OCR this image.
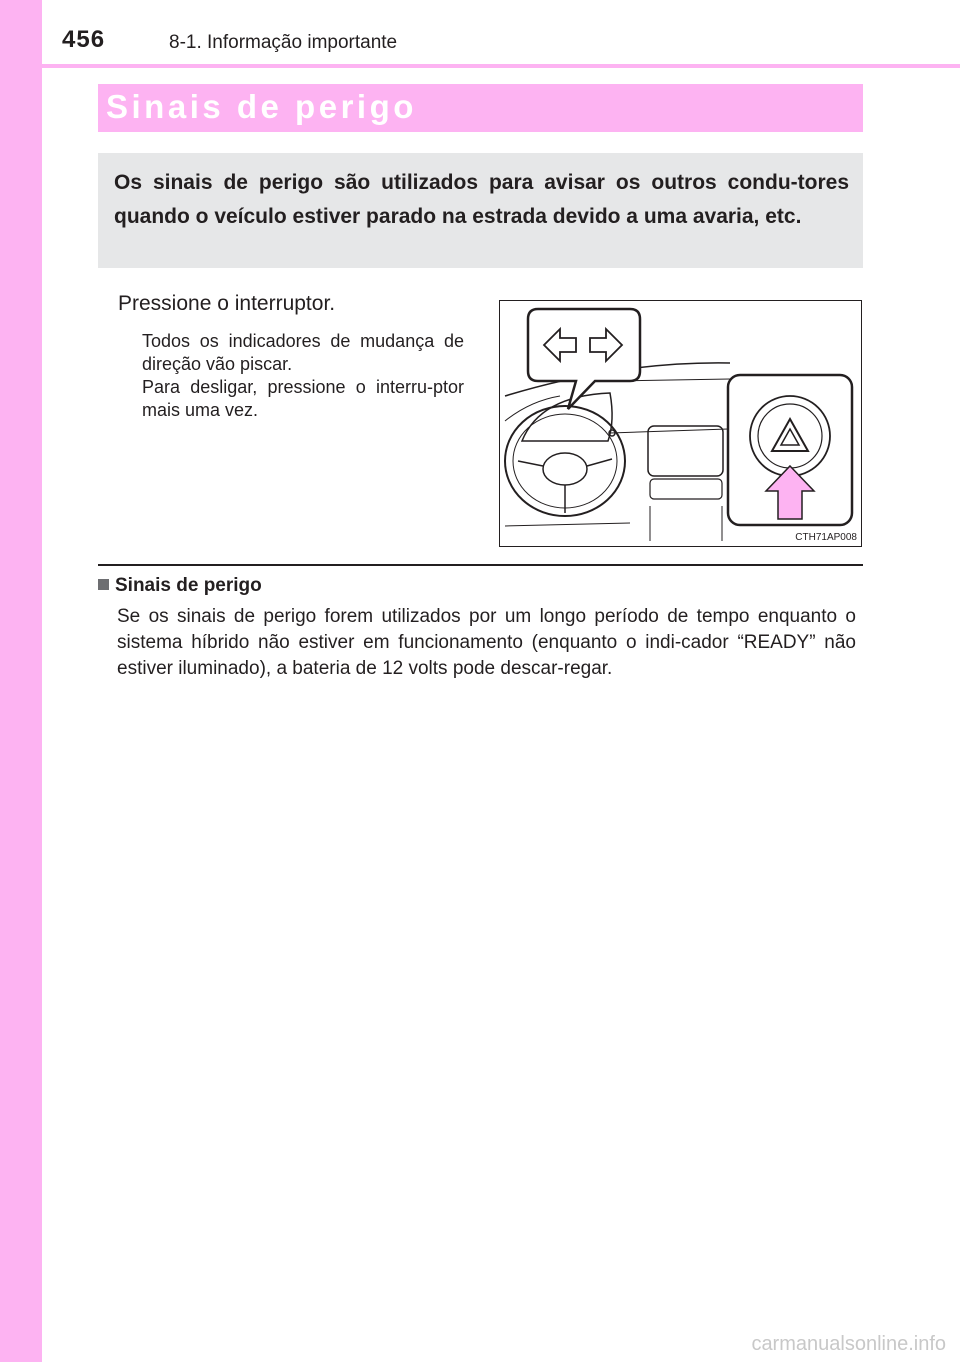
456	8-1. Informação importante
Sinais de perigo
Os sinais de perigo são utilizados para avisar os outros condu-tores quando o veículo estiver parado na estrada devido a uma avaria, etc.
Pressione o interruptor.

Todos os indicadores de mudança de direção vão piscar.

Para desligar, pressione o interru-ptor mais uma vez.

CTH71AP008
Sinais de perigo
Se os sinais de perigo forem utilizados por um longo período de tempo enquanto o sistema híbrido não estiver em funcionamento (enquanto o indi-cador “READY” não estiver iluminado), a bateria de 12 volts pode descar-regar.
carmanualsonline.info
